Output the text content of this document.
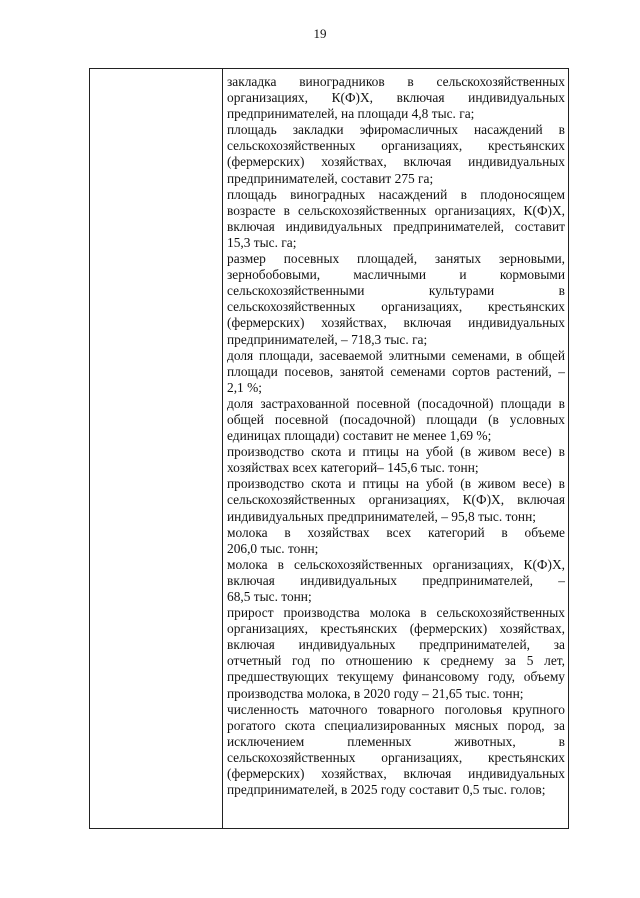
19
закладка виноградников в сельскохозяйственных
организациях, К(Ф)Х, включая индивидуальных
предпринимателей, на площади 4,8 тыс. га;
площадь закладки эфиромасличных насаждений в
сельскохозяйственных организациях, крестьянских
(фермерских) хозяйствах, включая индивидуальных
предпринимателей, составит 275 га;
площадь виноградных насаждений в плодоносящем
возрасте в сельскохозяйственных организациях, К(Ф)Х,
включая индивидуальных предпринимателей, составит
15,3 тыс. га;
размер посевных площадей, занятых зерновыми,
зернобобовыми, масличными и кормовыми
сельскохозяйственными культурами в
сельскохозяйственных организациях, крестьянских
(фермерских) хозяйствах, включая индивидуальных
предпринимателей, – 718,3 тыс. га;
доля площади, засеваемой элитными семенами, в общей
площади посевов, занятой семенами сортов растений, –
2,1 %;
доля застрахованной посевной (посадочной) площади в
общей посевной (посадочной) площади (в условных
единицах площади) составит не менее 1,69 %;
производство скота и птицы на убой (в живом весе) в
хозяйствах всех категорий– 145,6 тыс. тонн;
производство скота и птицы на убой (в живом весе) в
сельскохозяйственных организациях, К(Ф)Х, включая
индивидуальных предпринимателей, – 95,8 тыс. тонн;
молока в хозяйствах всех категорий в объеме
206,0 тыс. тонн;
молока в сельскохозяйственных организациях, К(Ф)Х,
включая индивидуальных предпринимателей, –
68,5 тыс. тонн;
прирост производства молока в сельскохозяйственных
организациях, крестьянских (фермерских) хозяйствах,
включая индивидуальных предпринимателей, за
отчетный год по отношению к среднему за 5 лет,
предшествующих текущему финансовому году, объему
производства молока, в 2020 году – 21,65 тыс. тонн;
численность маточного товарного поголовья крупного
рогатого скота специализированных мясных пород, за
исключением племенных животных, в
сельскохозяйственных организациях, крестьянских
(фермерских) хозяйствах, включая индивидуальных
предпринимателей, в 2025 году составит 0,5 тыс. голов;
